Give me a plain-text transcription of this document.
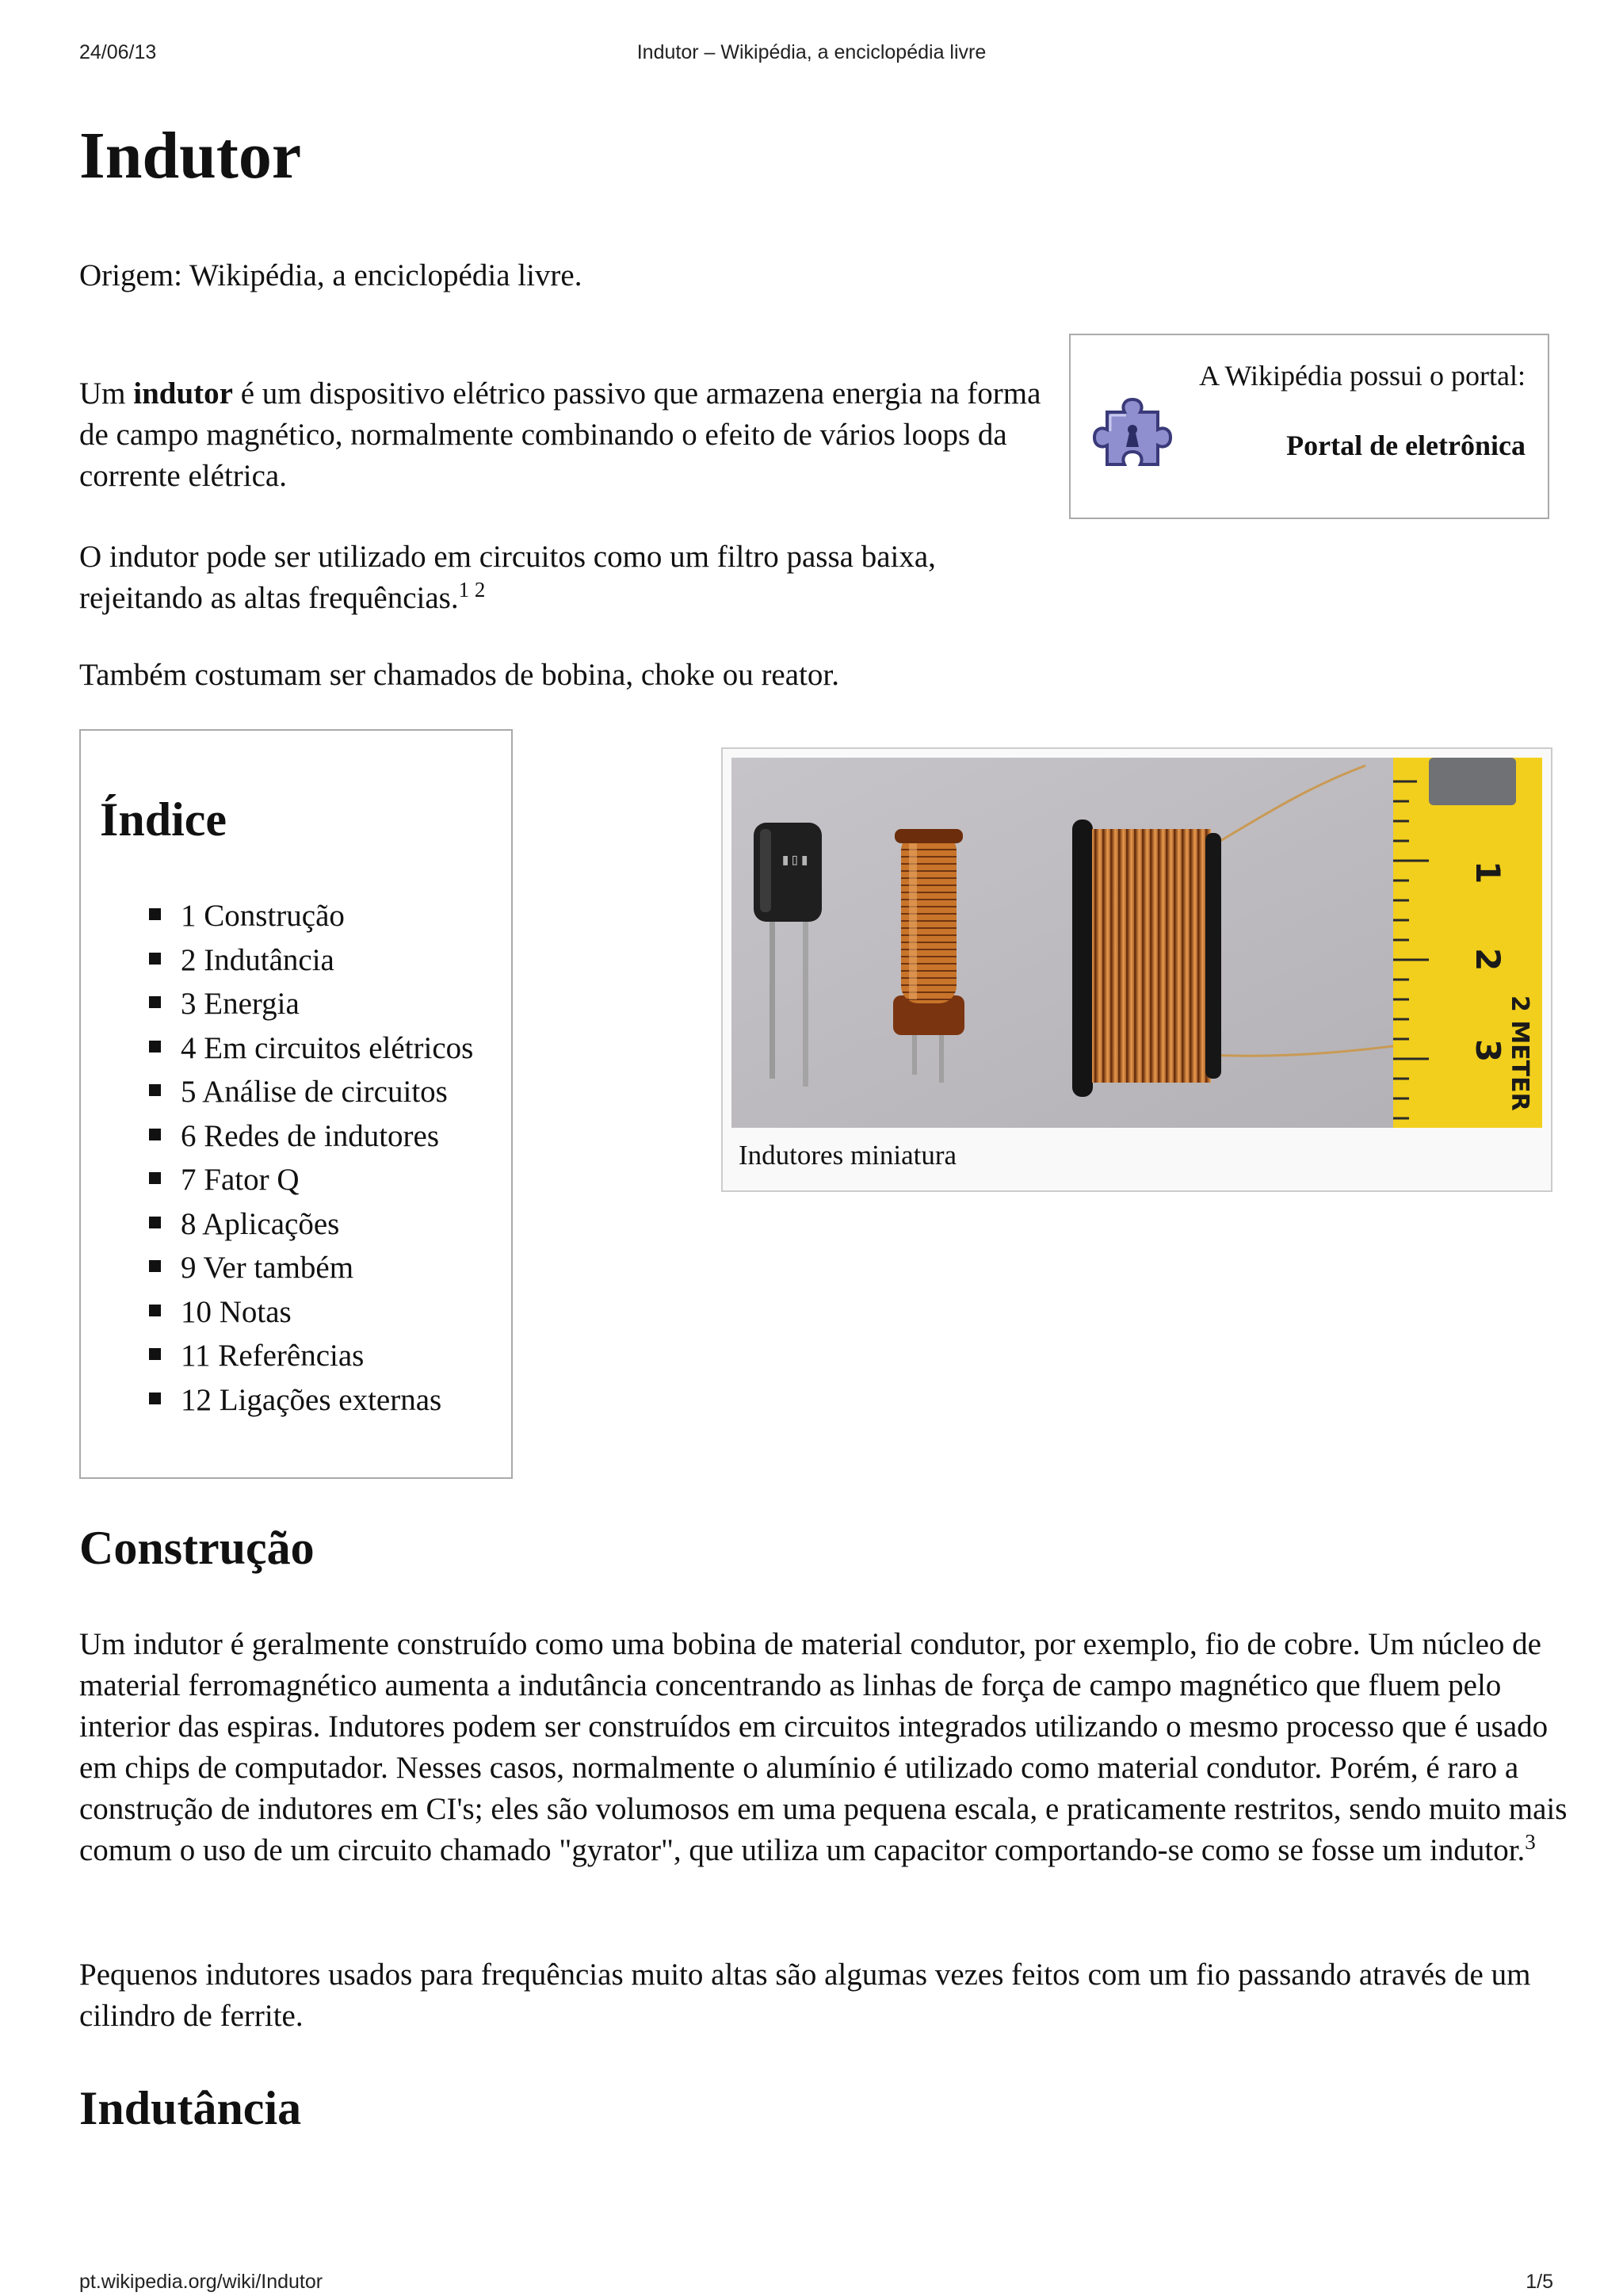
24/06/13	Indutor – Wikipédia, a enciclopédia livre
Indutor

Origem: Wikipédia, a enciclopédia livre.

Um indutor é um dispositivo elétrico passivo que armazena energia na forma de campo magnético, normalmente combinando o efeito de vários loops da corrente elétrica.

O indutor pode ser utilizado em circuitos como um filtro passa baixa, rejeitando as altas frequências.$^{1 2}$

Também costumam ser chamados de bobina, choke ou reator.

A Wikipédia possui o portal:
Portal de eletrônica
Índice
1 Construção
2 Indutância
3 Energia
4 Em circuitos elétricos
5 Análise de circuitos
6 Redes de indutores
7 Fator Q
8 Aplicações
9 Ver também
10 Notas
11 Referências
12 Ligações externas
▮▯▮
1
2
3
2 METER
Indutores miniatura
Construção

Um indutor é geralmente construído como uma bobina de material condutor, por exemplo, fio de cobre. Um núcleo de material ferromagnético aumenta a indutância concentrando as linhas de força de campo magnético que fluem pelo interior das espiras. Indutores podem ser construídos em circuitos integrados utilizando o mesmo processo que é usado em chips de computador. Nesses casos, normalmente o alumínio é utilizado como material condutor. Porém, é raro a construção de indutores em CI's; eles são volumosos em uma pequena escala, e praticamente restritos, sendo muito mais comum o uso de um circuito chamado "gyrator", que utiliza um capacitor comportando-se como se fosse um indutor.$^3$

Pequenos indutores usados para frequências muito altas são algumas vezes feitos com um fio passando através de um cilindro de ferrite.

Indutância
pt.wikipedia.org/wiki/Indutor	1/5
